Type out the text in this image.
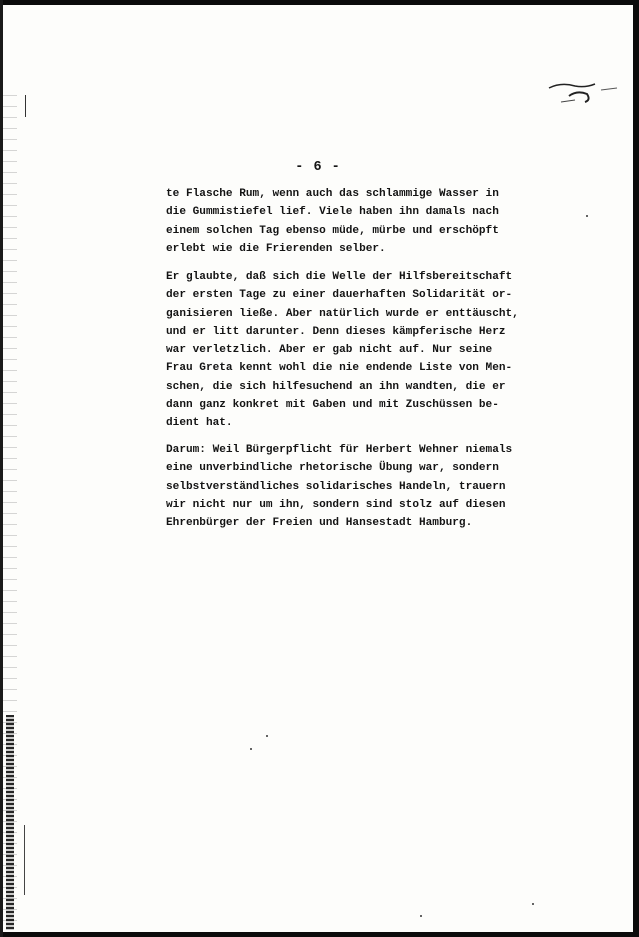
- 6 -
te Flasche Rum, wenn auch das schlammige Wasser in
die Gummistiefel lief. Viele haben ihn damals nach
einem solchen Tag ebenso müde, mürbe und erschöpft
erlebt wie die Frierenden selber.
Er glaubte, daß sich die Welle der Hilfsbereitschaft
der ersten Tage zu einer dauerhaften Solidarität or-
ganisieren ließe. Aber natürlich wurde er enttäuscht,
und er litt darunter. Denn dieses kämpferische Herz
war verletzlich. Aber er gab nicht auf. Nur seine
Frau Greta kennt wohl die nie endende Liste von Men-
schen, die sich hilfesuchend an ihn wandten, die er
dann ganz konkret mit Gaben und mit Zuschüssen be-
dient hat.
Darum: Weil Bürgerpflicht für Herbert Wehner niemals
eine unverbindliche rhetorische Übung war, sondern
selbstverständliches solidarisches Handeln, trauern
wir nicht nur um ihn, sondern sind stolz auf diesen
Ehrenbürger der Freien und Hansestadt Hamburg.
